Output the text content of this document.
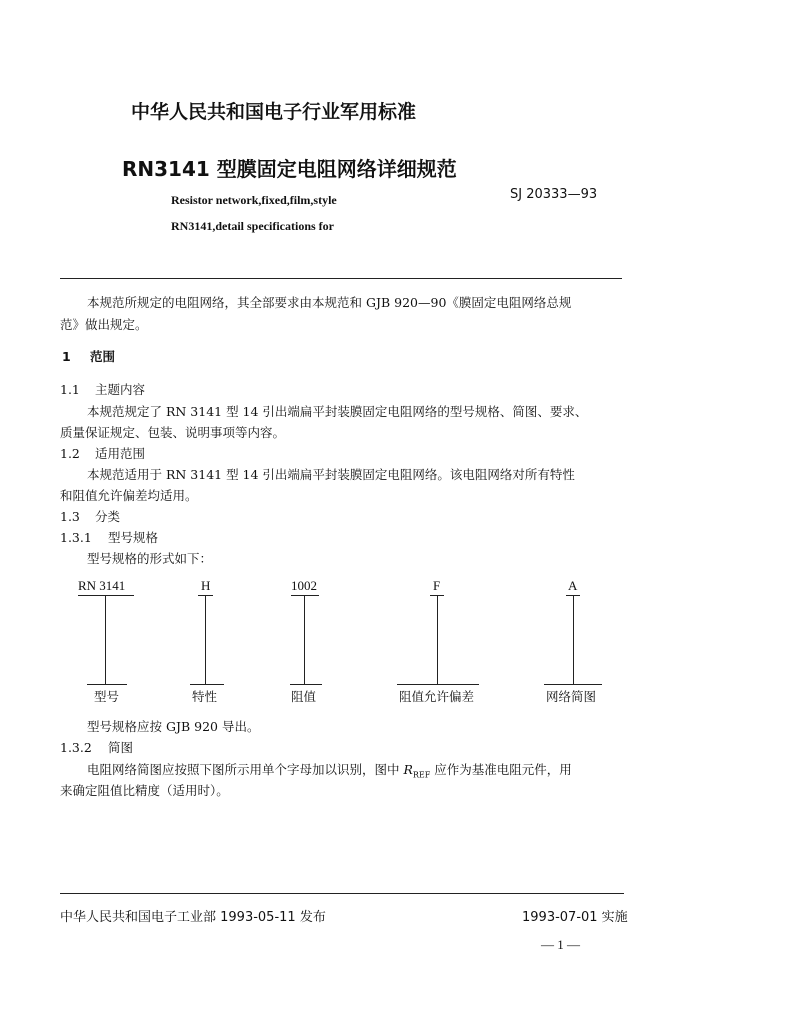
中华人民共和国电子行业军用标准
RN3141 型膜固定电阻网络详细规范
Resistor network,fixed,film,style
RN3141,detail specifications for
SJ 20333—93
本规范所规定的电阻网络，其全部要求由本规范和 GJB 920—90《膜固定电阻网络总规
范》做出规定。
1 范围
1.1 主题内容
本规范规定了 RN 3141 型 14 引出端扁平封装膜固定电阻网络的型号规格、简图、要求、
质量保证规定、包装、说明事项等内容。
1.2 适用范围
本规范适用于 RN 3141 型 14 引出端扁平封装膜固定电阻网络。该电阻网络对所有特性
和阻值允许偏差均适用。
1.3 分类
1.3.1 型号规格
型号规格的形式如下：
RN 3141
型号
H
特性
1002
阻值
F
阻值允许偏差
A
网络简图
型号规格应按 GJB 920 导出。
1.3.2 简图
电阻网络简图应按照下图所示用单个字母加以识别，图中 $R_{REF}$ 应作为基准电阻元件，用
来确定阻值比精度（适用时）。
中华人民共和国电子工业部 1993-05-11 发布	1993-07-01 实施
— 1 —
